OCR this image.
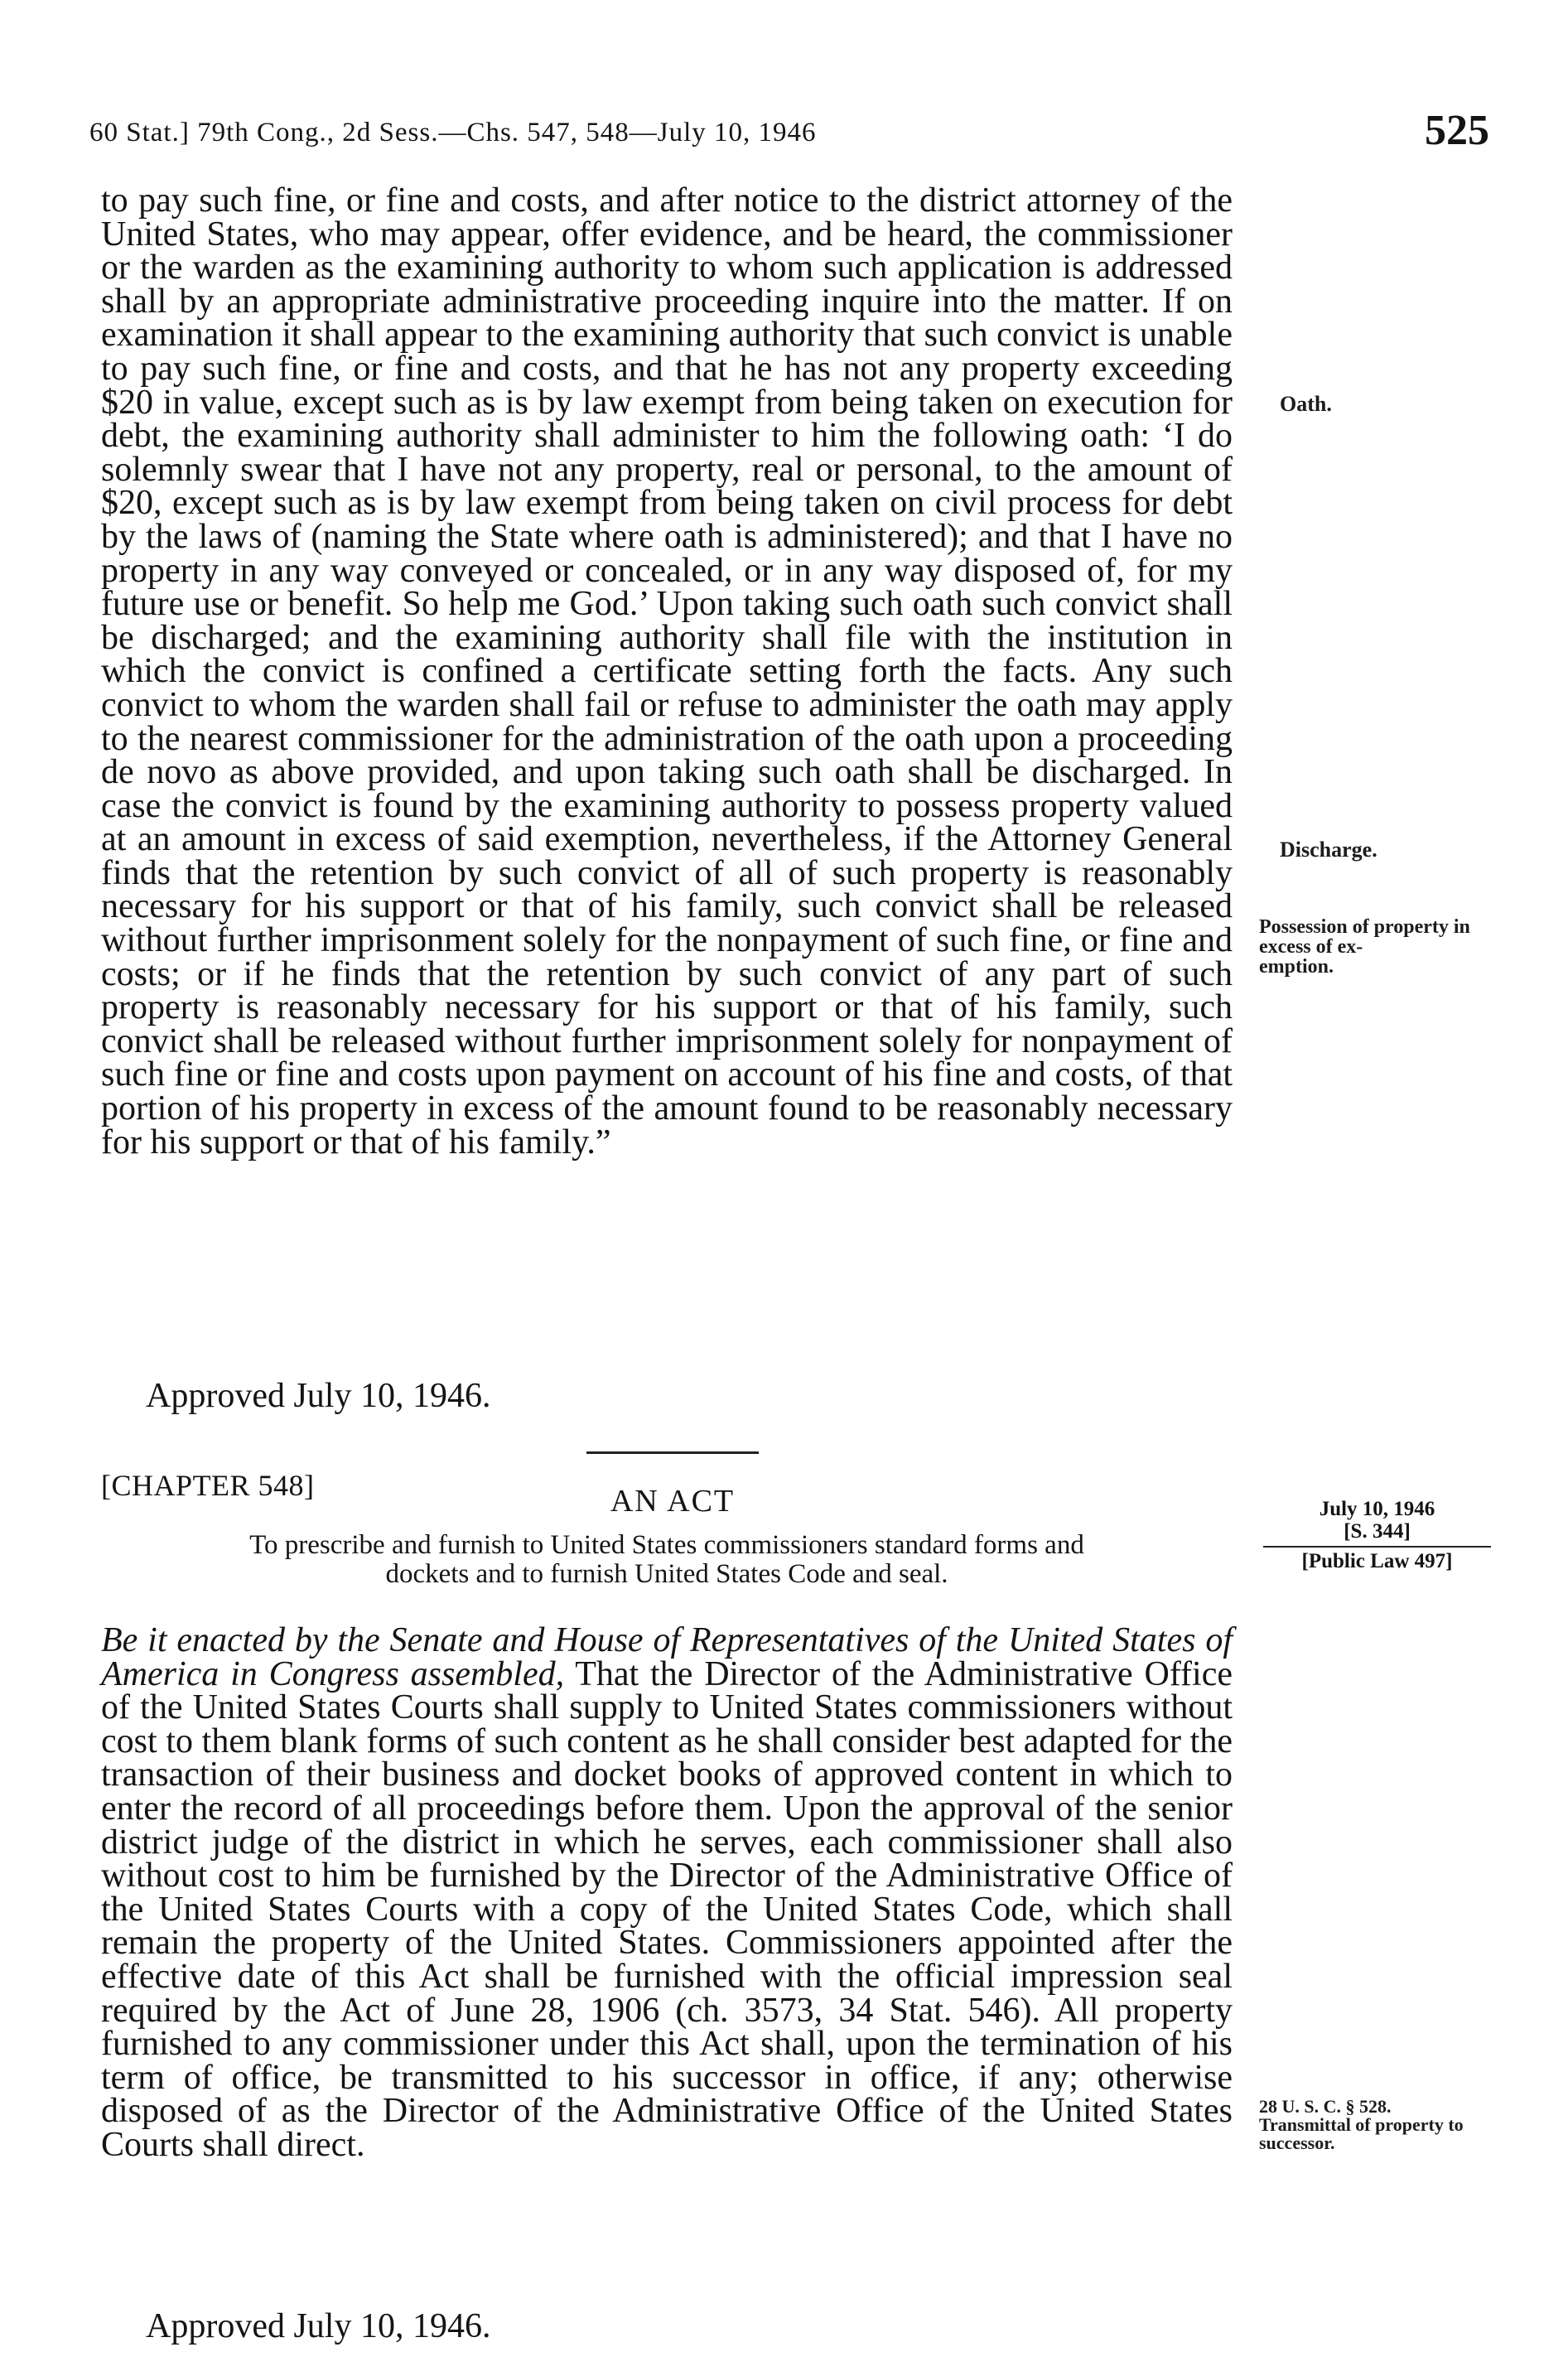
60 Stat.] 79th Cong., 2d Sess.—Chs. 547, 548—July 10, 1946	525

to pay such fine, or fine and costs, and after notice to the district attorney of the United States, who may appear, offer evidence, and be heard, the commissioner or the warden as the examining authority to whom such application is addressed shall by an appropriate administrative proceeding inquire into the matter. If on examination it shall appear to the examining authority that such convict is unable to pay such fine, or fine and costs, and that he has not any property exceeding $20 in value, except such as is by law exempt from being taken on execution for debt, the examining authority shall administer to him the following oath: ‘I do solemnly swear that I have not any property, real or personal, to the amount of $20, except such as is by law exempt from being taken on civil process for debt by the laws of (naming the State where oath is administered); and that I have no property in any way conveyed or concealed, or in any way disposed of, for my future use or benefit. So help me God.’ Upon taking such oath such convict shall be discharged; and the examining authority shall file with the institution in which the convict is confined a certificate setting forth the facts. Any such convict to whom the warden shall fail or refuse to administer the oath may apply to the nearest commissioner for the administration of the oath upon a proceeding de novo as above provided, and upon taking such oath shall be discharged. In case the convict is found by the examining authority to possess property valued at an amount in excess of said exemption, nevertheless, if the Attorney General finds that the retention by such convict of all of such property is reasonably necessary for his support or that of his family, such convict shall be released without further imprisonment solely for the nonpayment of such fine, or fine and costs; or if he finds that the retention by such convict of any part of such property is reasonably necessary for his support or that of his family, such convict shall be released without further imprisonment solely for nonpayment of such fine or fine and costs upon payment on account of his fine and costs, of that portion of his property in excess of the amount found to be reasonably necessary for his support or that of his family.”

Oath.
Discharge.
Possession of property in excess of ex-
emption.
Approved July 10, 1946.
[CHAPTER 548]	AN ACT	July 10, 1946
[S. 344]
[Public Law 497]
To prescribe and furnish to United States commissioners standard forms and
dockets and to furnish United States Code and seal.

Be it enacted by the Senate and House of Representatives of the United States of America in Congress assembled, That the Director of the Administrative Office of the United States Courts shall supply to United States commissioners without cost to them blank forms of such content as he shall consider best adapted for the transaction of their business and docket books of approved content in which to enter the record of all proceedings before them. Upon the approval of the senior district judge of the district in which he serves, each commissioner shall also without cost to him be furnished by the Director of the Administrative Office of the United States Courts with a copy of the United States Code, which shall remain the property of the United States. Commissioners appointed after the effective date of this Act shall be furnished with the official impression seal required by the Act of June 28, 1906 (ch. 3573, 34 Stat. 546). All property furnished to any commissioner under this Act shall, upon the termination of his term of office, be transmitted to his successor in office, if any; otherwise disposed of as the Director of the Administrative Office of the United States Courts shall direct.

28 U. S. C. § 528.
Transmittal of property to successor.
Approved July 10, 1946.
